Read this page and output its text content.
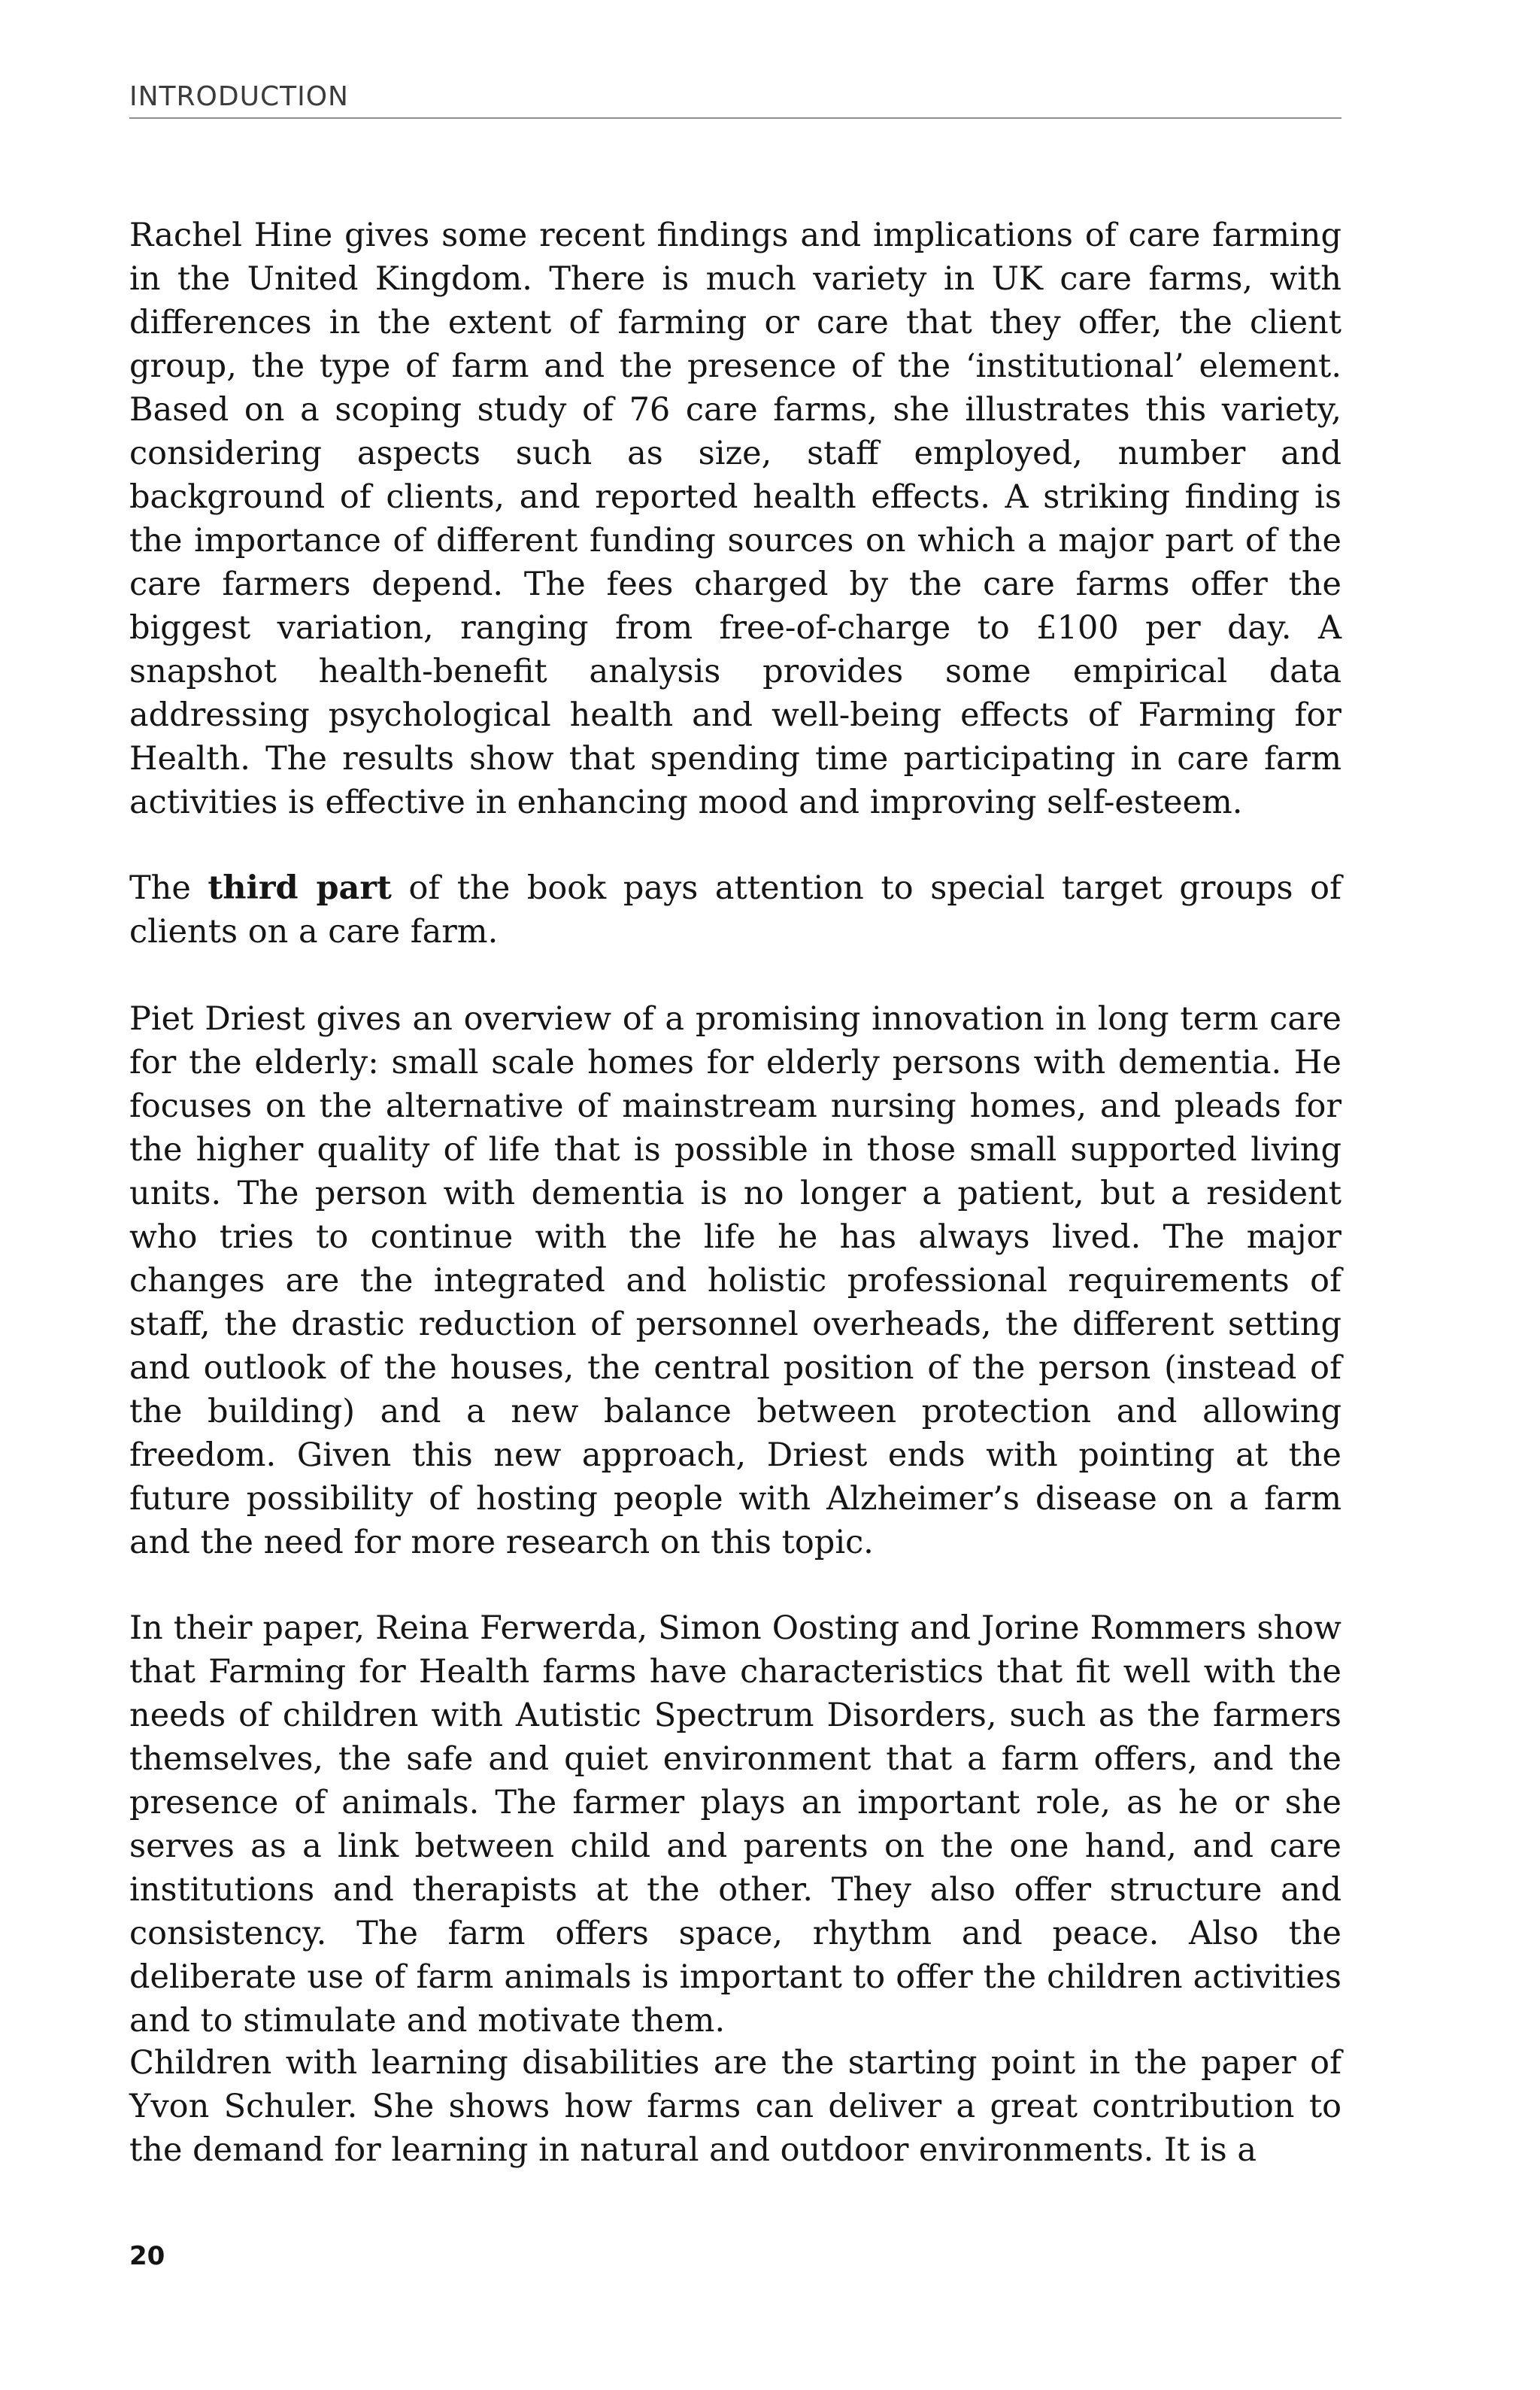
INTRODUCTION

Rachel Hine gives some recent findings and implications of care farming in the United Kingdom. There is much variety in UK care farms, with differences in the extent of farming or care that they offer, the client group, the type of farm and the presence of the ‘institutional’ element. Based on a scoping study of 76 care farms, she illustrates this variety, considering aspects such as size, staff employed, number and background of clients, and reported health effects. A striking finding is the importance of different funding sources on which a major part of the care farmers depend. The fees charged by the care farms offer the biggest variation, ranging from free-of-charge to £100 per day. A snapshot health-benefit analysis provides some empirical data addressing psychological health and well-being effects of Farming for Health. The results show that spending time participating in care farm activities is effective in enhancing mood and improving self-esteem.

The third part of the book pays attention to special target groups of clients on a care farm.

Piet Driest gives an overview of a promising innovation in long term care for the elderly: small scale homes for elderly persons with dementia. He focuses on the alternative of mainstream nursing homes, and pleads for the higher quality of life that is possible in those small supported living units. The person with dementia is no longer a patient, but a resident who tries to continue with the life he has always lived. The major changes are the integrated and holistic professional requirements of staff, the drastic reduction of personnel overheads, the different setting and outlook of the houses, the central position of the person (instead of the building) and a new balance between protection and allowing freedom. Given this new approach, Driest ends with pointing at the future possibility of hosting people with Alzheimer’s disease on a farm and the need for more research on this topic.

In their paper, Reina Ferwerda, Simon Oosting and Jorine Rommers show that Farming for Health farms have characteristics that fit well with the needs of children with Autistic Spectrum Disorders, such as the farmers themselves, the safe and quiet environment that a farm offers, and the presence of animals. The farmer plays an important role, as he or she serves as a link between child and parents on the one hand, and care institutions and therapists at the other. They also offer structure and consistency. The farm offers space, rhythm and peace. Also the deliberate use of farm animals is important to offer the children activities and to stimulate and motivate them.

Children with learning disabilities are the starting point in the paper of Yvon Schuler. She shows how farms can deliver a great contribution to the demand for learning in natural and outdoor environments. It is a

20
